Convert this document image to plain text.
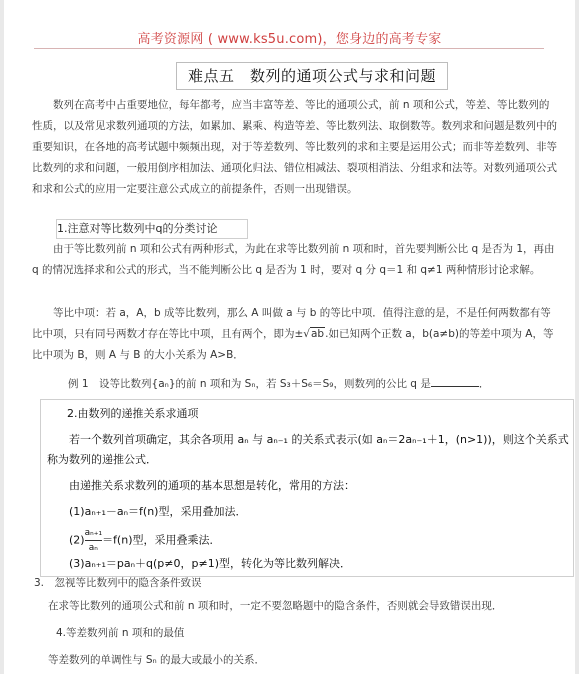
高考资源网 ( www.ks5u.com)，您身边的高考专家
难点五　数列的通项公式与求和问题
数列在高考中占重要地位，每年都考，应当丰富等差、等比的通项公式，前 n 项和公式，等差、等比数列的性质，以及常见求数列通项的方法，如累加、累乘、构造等差、等比数列法、取倒数等。数列求和问题是数列中的重要知识，在各地的高考试题中频频出现，对于等差数列、等比数列的求和主要是运用公式；而非等差数列、非等比数列的求和问题，一般用倒序相加法、通项化归法、错位相减法、裂项相消法、分组求和法等。对数列通项公式和求和公式的应用一定要注意公式成立的前提条件，否则一出现错误。
1.注意对等比数列中q的分类讨论
由于等比数列前 n 项和公式有两种形式，为此在求等比数列前 n 项和时，首先要判断公比 q 是否为 1，再由 q 的情况选择求和公式的形式，当不能判断公比 q 是否为 1 时，要对 q 分 q＝1 和 q≠1 两种情形讨论求解。
等比中项：若 a，A，b 成等比数列，那么 A 叫做 a 与 b 的等比中项．值得注意的是，不是任何两数都有等比中项，只有同号两数才存在等比中项，且有两个，即为±√ab.如已知两个正数 a，b(a≠b)的等差中项为 A，等比中项为 B，则 A 与 B 的大小关系为 A>B．
例 1　设等比数列{aₙ}的前 n 项和为 Sₙ，若 S₃＋S₆＝S₉，则数列的公比 q 是	．
2.由数列的递推关系求通项
若一个数列首项确定，其余各项用 aₙ 与 aₙ₋₁ 的关系式表示(如 aₙ＝2aₙ₋₁＋1，(n>1))，则这个关系式称为数列的递推公式．
由递推关系求数列的通项的基本思想是转化，常用的方法：
(1)aₙ₊₁－aₙ＝f(n)型，采用叠加法．
$(2) \frac{\text{aₙ₊₁}}{\text{aₙ}} =f(n)$型，采用叠乘法．
(3)aₙ₊₁＝paₙ＋q(p≠0，p≠1)型，转化为等比数列解决．
3.　忽视等比数列中的隐含条件致误
在求等比数列的通项公式和前 n 项和时，一定不要忽略题中的隐含条件，否则就会导致错误出现．
4.等差数列前 n 项和的最值
等差数列的单调性与 Sₙ 的最大或最小的关系．
